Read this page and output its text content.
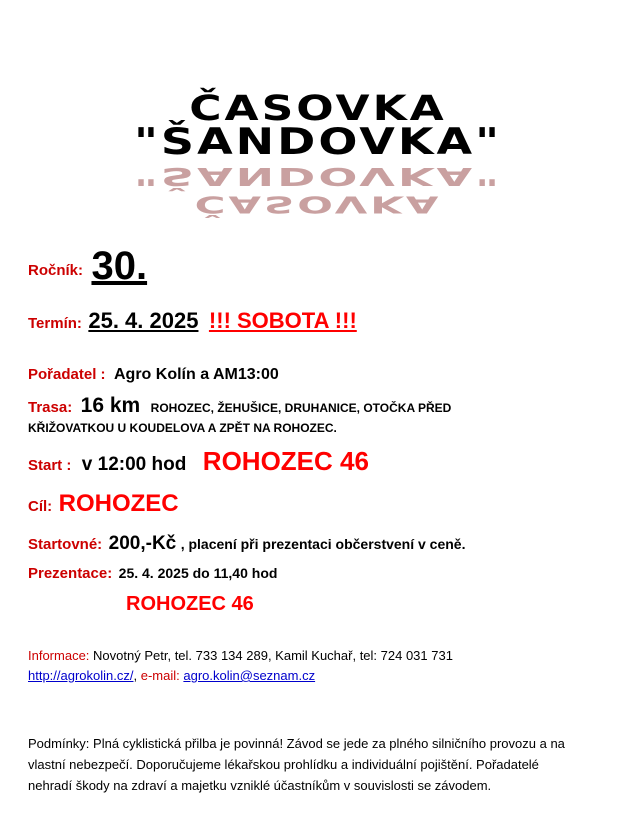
ČASOVKA
"ŠANDOVKA"
"ŠANDOVKA"
ČASOVKA
Ročník: 30.
Termín: 25. 4. 2025 !!! SOBOTA !!!
Pořadatel : Agro Kolín a AM13:00
Trasa: 16 km ROHOZEC, ŽEHUŠICE, DRUHANICE, OTOČKA PŘED
KŘIŽOVATKOU U KOUDELOVA A ZPĚT NA ROHOZEC.
Start : v 12:00 hod ROHOZEC 46
Cíl: ROHOZEC
Startovné: 200,-Kč , placení při prezentaci občerstvení v ceně.
Prezentace: 25. 4. 2025 do 11,40 hod
ROHOZEC 46
Informace: Novotný Petr, tel. 733 134 289, Kamil Kuchař, tel: 724 031 731
http://agrokolin.cz/, e-mail: agro.kolin@seznam.cz
Podmínky: Plná cyklistická přilba je povinná! Závod se jede za plného silničního provozu a na
vlastní nebezpečí. Doporučujeme lékařskou prohlídku a individuální pojištění. Pořadatelé
nehradí škody na zdraví a majetku vzniklé účastníkům v souvislosti se závodem.
